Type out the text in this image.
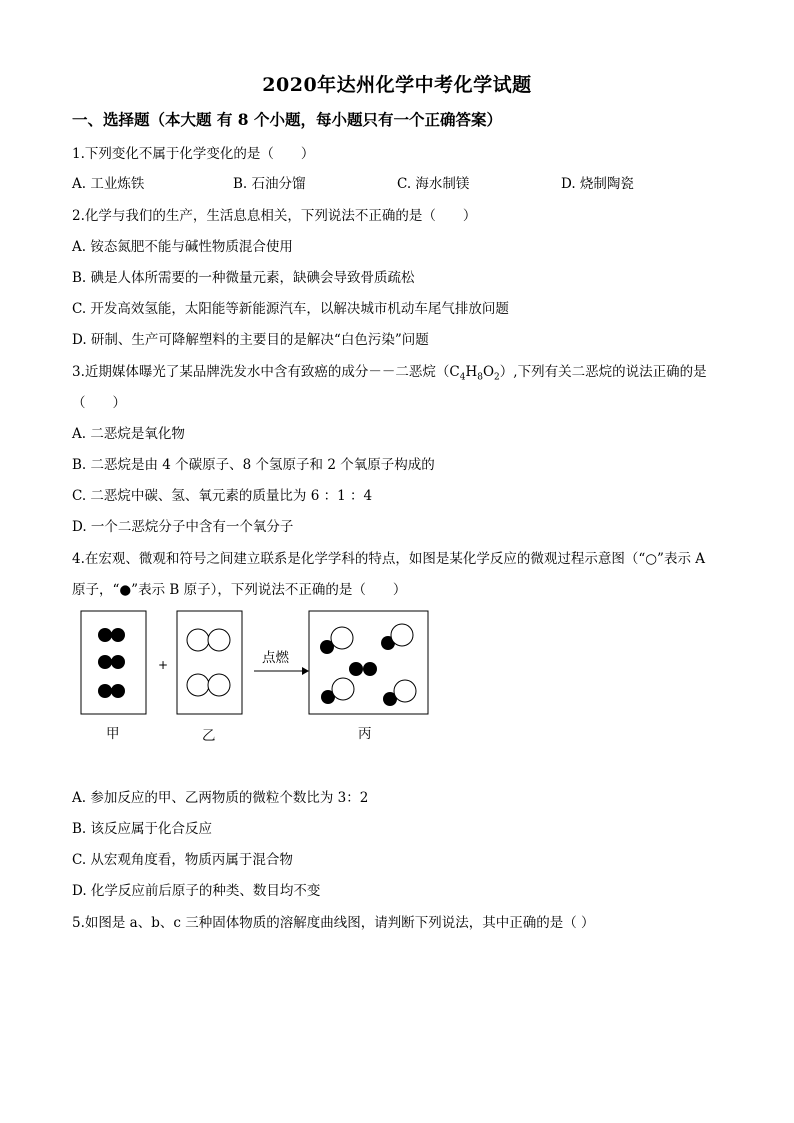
2020年达州化学中考化学试题
一、选择题（本大题 有 8 个小题，每小题只有一个正确答案）
1.下列变化不属于化学变化的是（　　）
A. 工业炼铁	B. 石油分馏	C. 海水制镁	D. 烧制陶瓷
2.化学与我们的生产，生活息息相关，下列说法不正确的是（　　）
A. 铵态氮肥不能与碱性物质混合使用
B. 碘是人体所需要的一种微量元素，缺碘会导致骨质疏松
C. 开发高效氢能，太阳能等新能源汽车，以解决城市机动车尾气排放问题
D. 研制、生产可降解塑料的主要目的是解决“白色污染”问题
3.近期媒体曝光了某品牌洗发水中含有致癌的成分－－二恶烷$(C_4H_8O_2)$,下列有关二恶烷的说法正确的是
（　　）
A. 二恶烷是氧化物
B. 二恶烷是由 4 个碳原子、8 个氢原子和 2 个氧原子构成的
C. 二恶烷中碳、氢、氧元素的质量比为 6 ：1 ：4
D. 一个二恶烷分子中含有一个氧分子
4.在宏观、微观和符号之间建立联系是化学学科的特点，如图是某化学反应的微观过程示意图（“○”表示 A
原子，“●”表示 B 原子），下列说法不正确的是（　　）
+	点燃
甲	乙	丙
A. 参加反应的甲、乙两物质的微粒个数比为 3：2
B. 该反应属于化合反应
C. 从宏观角度看，物质丙属于混合物
D. 化学反应前后原子的种类、数目均不变
5.如图是 a、b、c 三种固体物质的溶解度曲线图，请判断下列说法，其中正确的是（ ）
